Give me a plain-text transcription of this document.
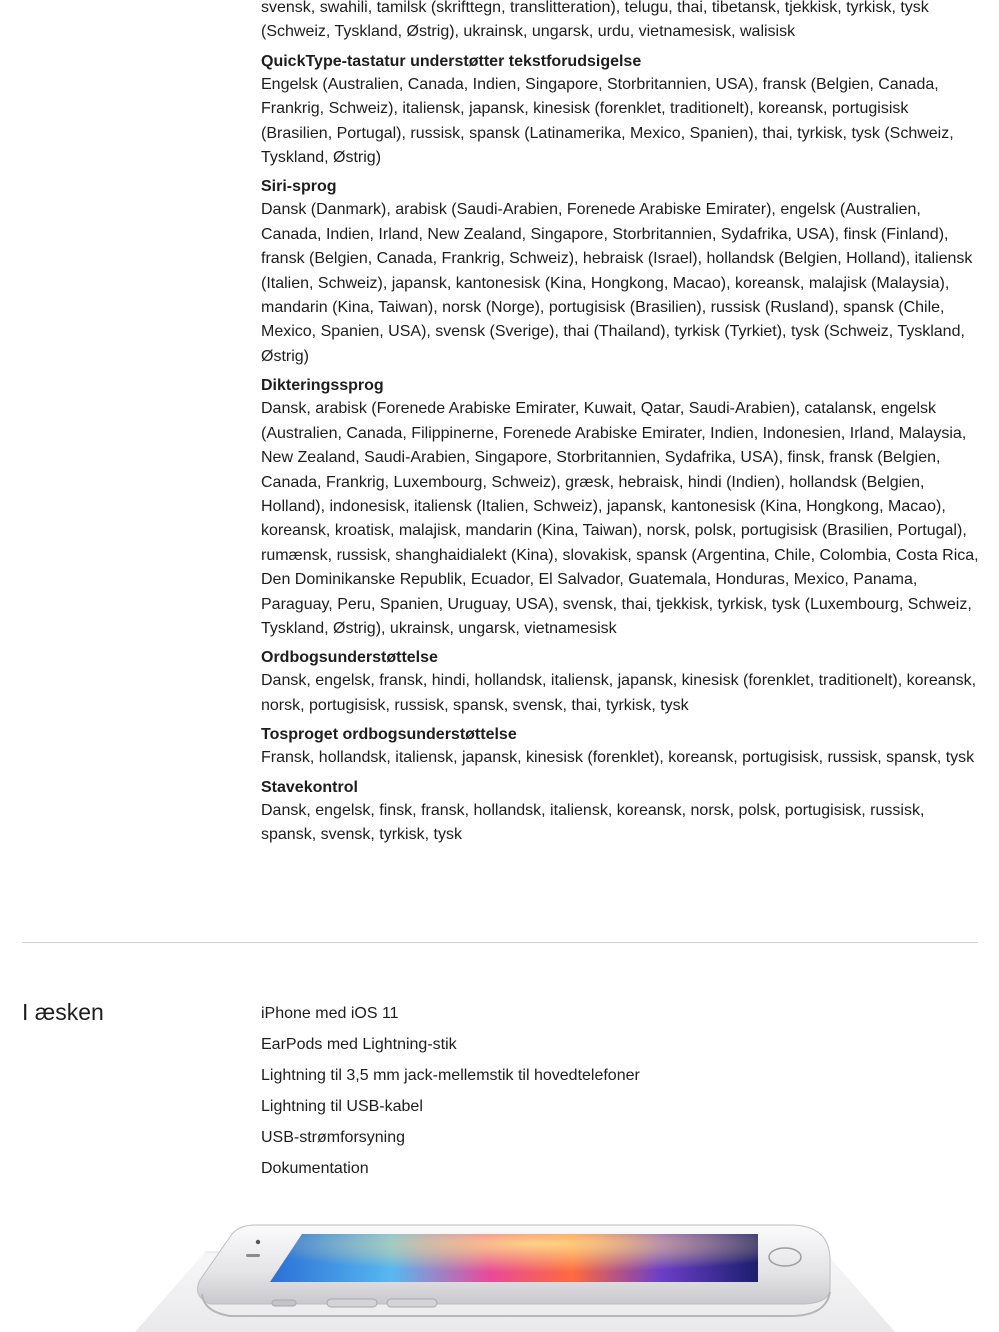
svensk, swahili, tamilsk (skrifttegn, translitteration), telugu, thai, tibetansk, tjekkisk, tyrkisk, tysk (Schweiz, Tyskland, Østrig), ukrainsk, ungarsk, urdu, vietnamesisk, walisisk

QuickType-tastatur understøtter tekstforudsigelse

Engelsk (Australien, Canada, Indien, Singapore, Storbritannien, USA), fransk (Belgien, Canada, Frankrig, Schweiz), italiensk, japansk, kinesisk (forenklet, traditionelt), koreansk, portugisisk (Brasilien, Portugal), russisk, spansk (Latinamerika, Mexico, Spanien), thai, tyrkisk, tysk (Schweiz, Tyskland, Østrig)

Siri-sprog

Dansk (Danmark), arabisk (Saudi-Arabien, Forenede Arabiske Emirater), engelsk (Australien, Canada, Indien, Irland, New Zealand, Singapore, Storbritannien, Sydafrika, USA), finsk (Finland), fransk (Belgien, Canada, Frankrig, Schweiz), hebraisk (Israel), hollandsk (Belgien, Holland), italiensk (Italien, Schweiz), japansk, kantonesisk (Kina, Hongkong, Macao), koreansk, malajisk (Malaysia), mandarin (Kina, Taiwan), norsk (Norge), portugisisk (Brasilien), russisk (Rusland), spansk (Chile, Mexico, Spanien, USA), svensk (Sverige), thai (Thailand), tyrkisk (Tyrkiet), tysk (Schweiz, Tyskland, Østrig)

Dikteringssprog

Dansk, arabisk (Forenede Arabiske Emirater, Kuwait, Qatar, Saudi-Arabien), catalansk, engelsk (Australien, Canada, Filippinerne, Forenede Arabiske Emirater, Indien, Indonesien, Irland, Malaysia, New Zealand, Saudi-Arabien, Singapore, Storbritannien, Sydafrika, USA), finsk, fransk (Belgien, Canada, Frankrig, Luxembourg, Schweiz), græsk, hebraisk, hindi (Indien), hollandsk (Belgien, Holland), indonesisk, italiensk (Italien, Schweiz), japansk, kantonesisk (Kina, Hongkong, Macao), koreansk, kroatisk, malajisk, mandarin (Kina, Taiwan), norsk, polsk, portugisisk (Brasilien, Portugal), rumænsk, russisk, shanghaidialekt (Kina), slovakisk, spansk (Argentina, Chile, Colombia, Costa Rica, Den Dominikanske Republik, Ecuador, El Salvador, Guatemala, Honduras, Mexico, Panama, Paraguay, Peru, Spanien, Uruguay, USA), svensk, thai, tjekkisk, tyrkisk, tysk (Luxembourg, Schweiz, Tyskland, Østrig), ukrainsk, ungarsk, vietnamesisk

Ordbogsunderstøttelse

Dansk, engelsk, fransk, hindi, hollandsk, italiensk, japansk, kinesisk (forenklet, traditionelt), koreansk, norsk, portugisisk, russisk, spansk, svensk, thai, tyrkisk, tysk

Tosproget ordbogsunderstøttelse

Fransk, hollandsk, italiensk, japansk, kinesisk (forenklet), koreansk, portugisisk, russisk, spansk, tysk

Stavekontrol

Dansk, engelsk, finsk, fransk, hollandsk, italiensk, koreansk, norsk, polsk, portugisisk, russisk, spansk, svensk, tyrkisk, tysk

I æsken	iPhone med iOS 11
EarPods med Lightning-stik
Lightning til 3,5 mm jack-mellemstik til hovedtelefoner
Lightning til USB-kabel
USB-strømforsyning
Dokumentation
